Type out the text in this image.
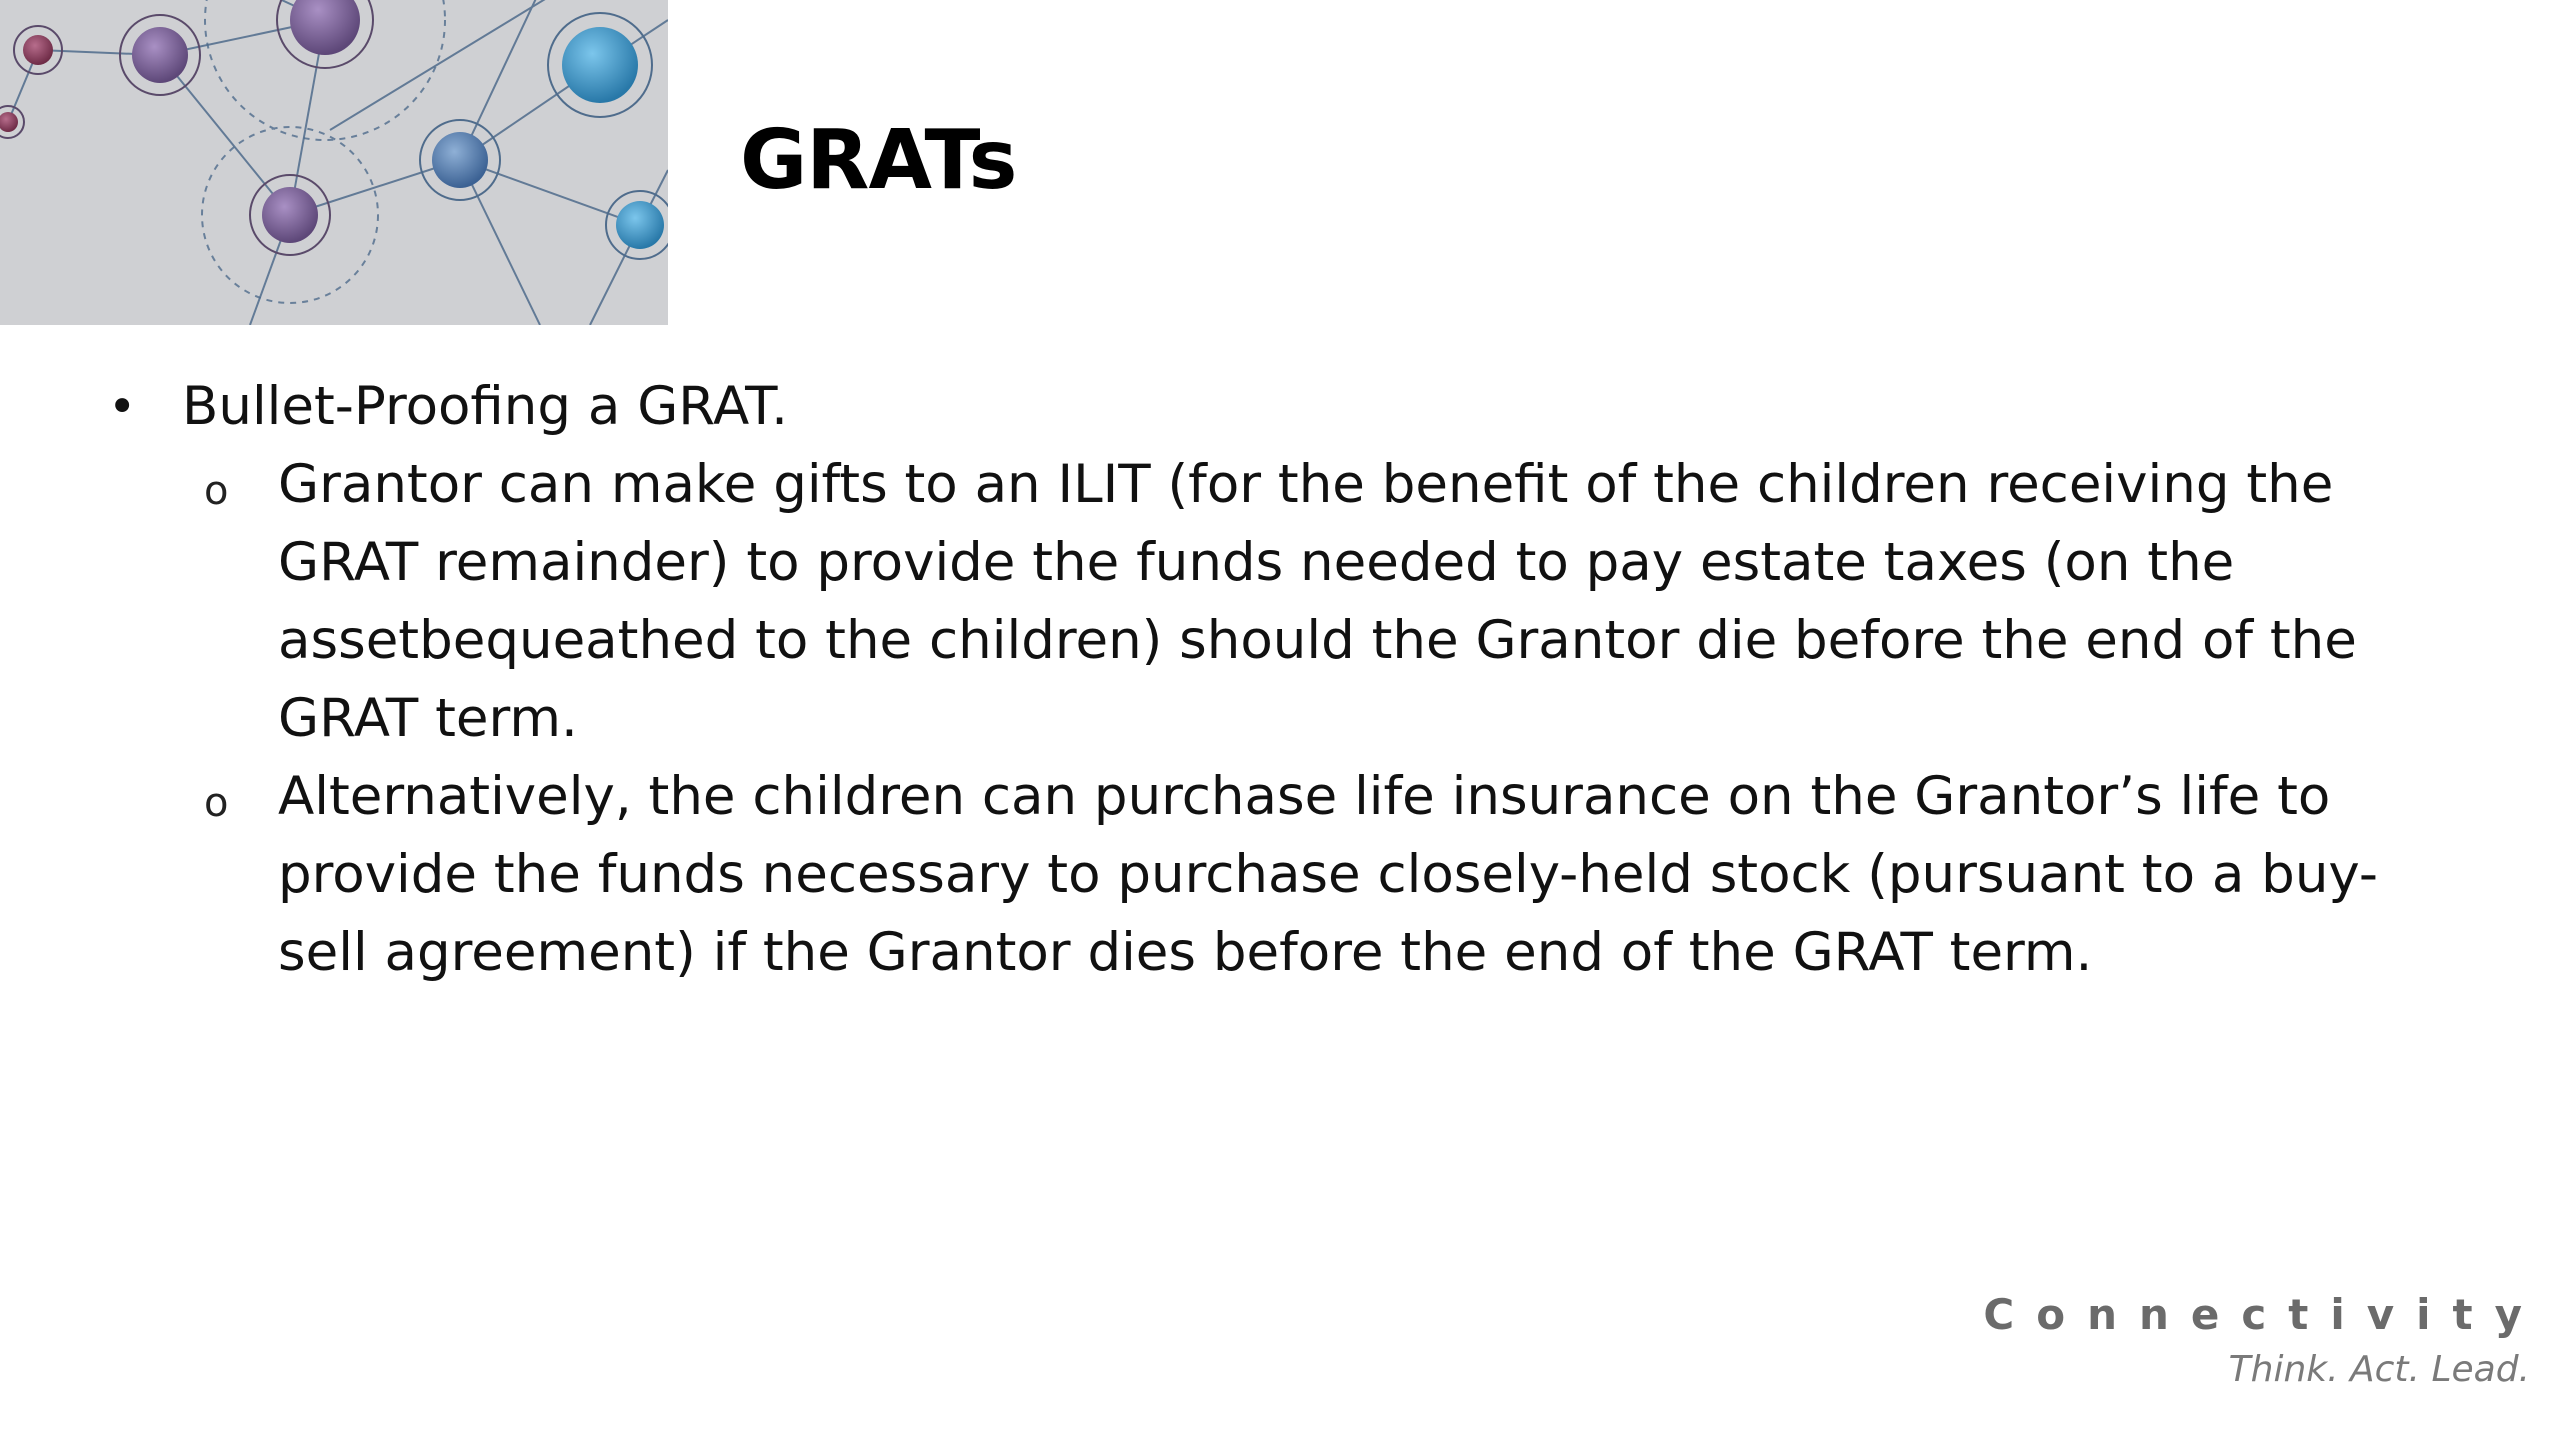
GRATs
• Bullet-Proofing a GRAT.
o Grantor can make gifts to an ILIT (for the benefit of the children receiving the GRAT remainder) to provide the funds needed to pay estate taxes (on the assetbequeathed to the children) should the Grantor die before the end of the GRAT term.
o Alternatively, the children can purchase life insurance on the Grantor’s life to provide the funds necessary to purchase closely-held stock (pursuant to a buy-sell agreement) if the Grantor dies before the end of the GRAT term.
Connectivity
Think. Act. Lead.
